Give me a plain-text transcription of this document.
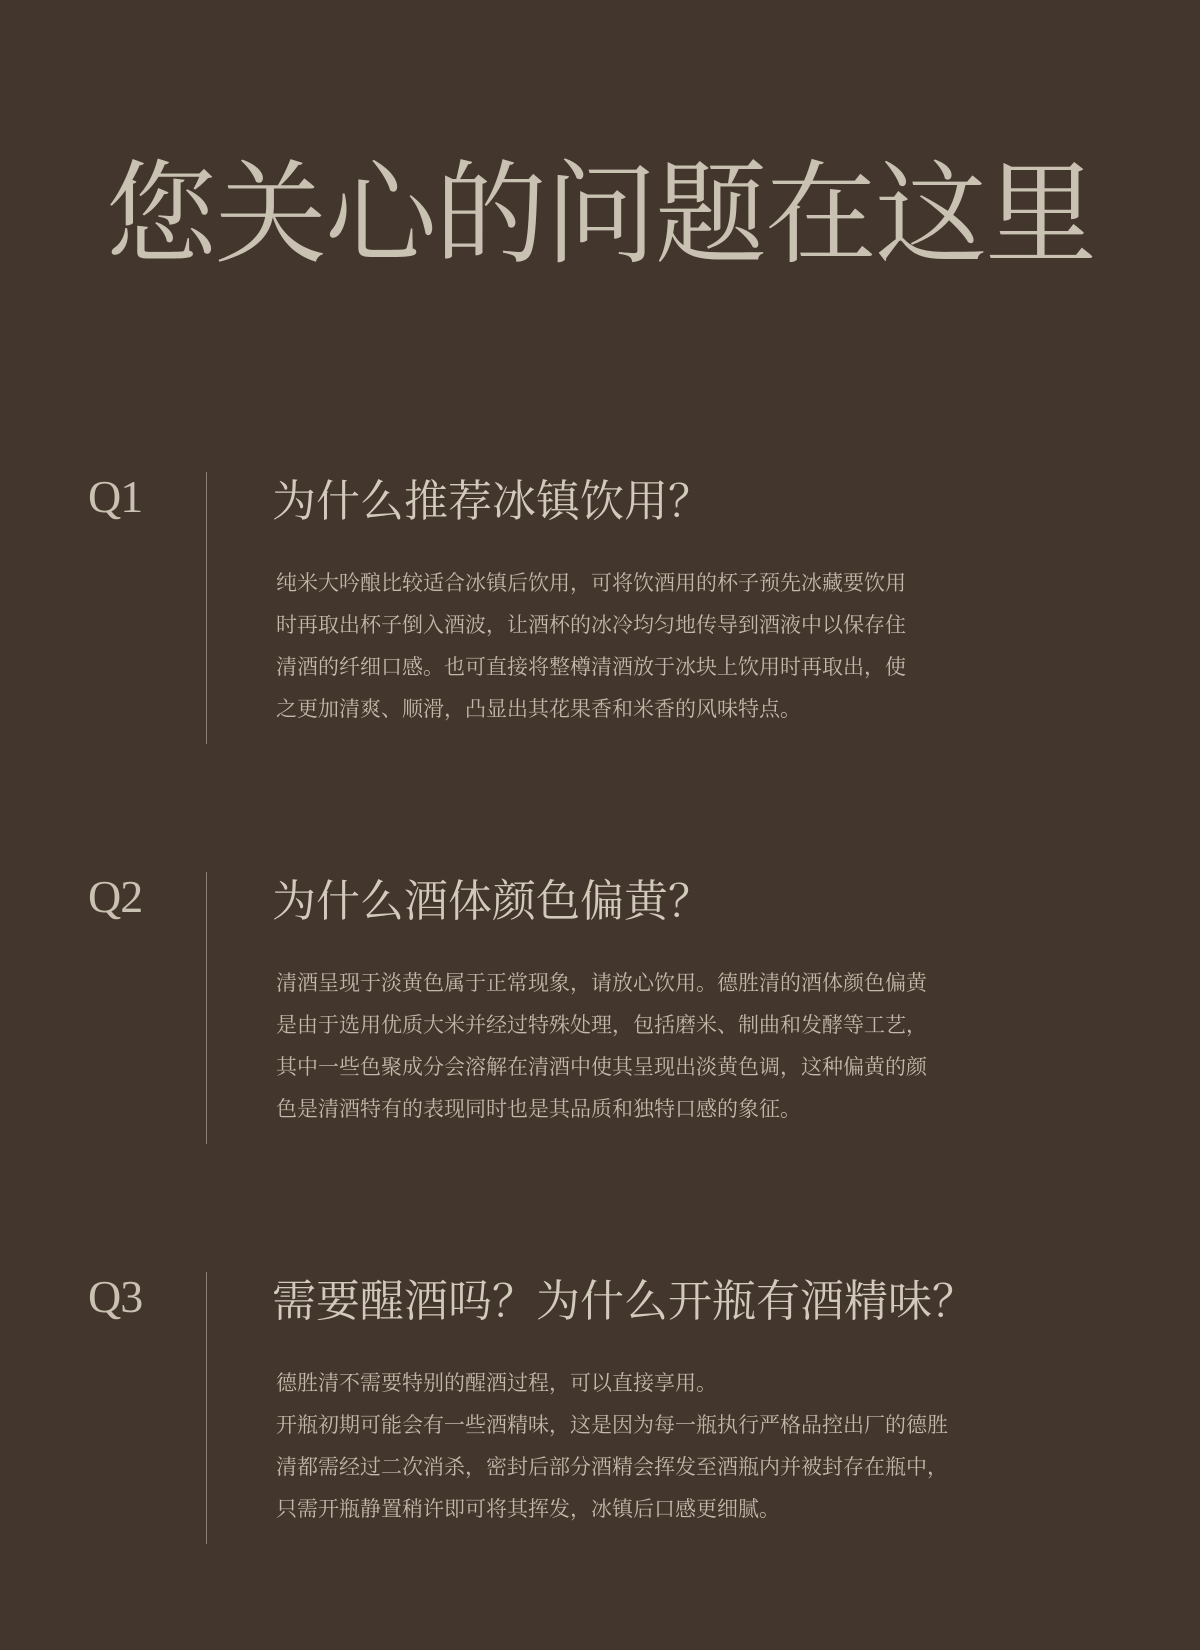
您关心的问题在这里
Q1	为什么推荐冰镇饮用？

纯米大吟酿比较适合冰镇后饮用，可将饮酒用的杯子预先冰藏要饮用

时再取出杯子倒入酒波，让酒杯的冰冷均匀地传导到酒液中以保存住

清酒的纤细口感。也可直接将整樽清酒放于冰块上饮用时再取出，使

之更加清爽、顺滑，凸显出其花果香和米香的风味特点。

Q2	为什么酒体颜色偏黄？

清酒呈现于淡黄色属于正常现象，请放心饮用。德胜清的酒体颜色偏黄

是由于选用优质大米并经过特殊处理，包括磨米、制曲和发酵等工艺，

其中一些色聚成分会溶解在清酒中使其呈现出淡黄色调，这种偏黄的颜

色是清酒特有的表现同时也是其品质和独特口感的象征。

Q3	需要醒酒吗？为什么开瓶有酒精味？

德胜清不需要特别的醒酒过程，可以直接享用。

开瓶初期可能会有一些酒精味，这是因为每一瓶执行严格品控出厂的德胜

清都需经过二次消杀，密封后部分酒精会挥发至酒瓶内并被封存在瓶中，

只需开瓶静置稍许即可将其挥发，冰镇后口感更细腻。
